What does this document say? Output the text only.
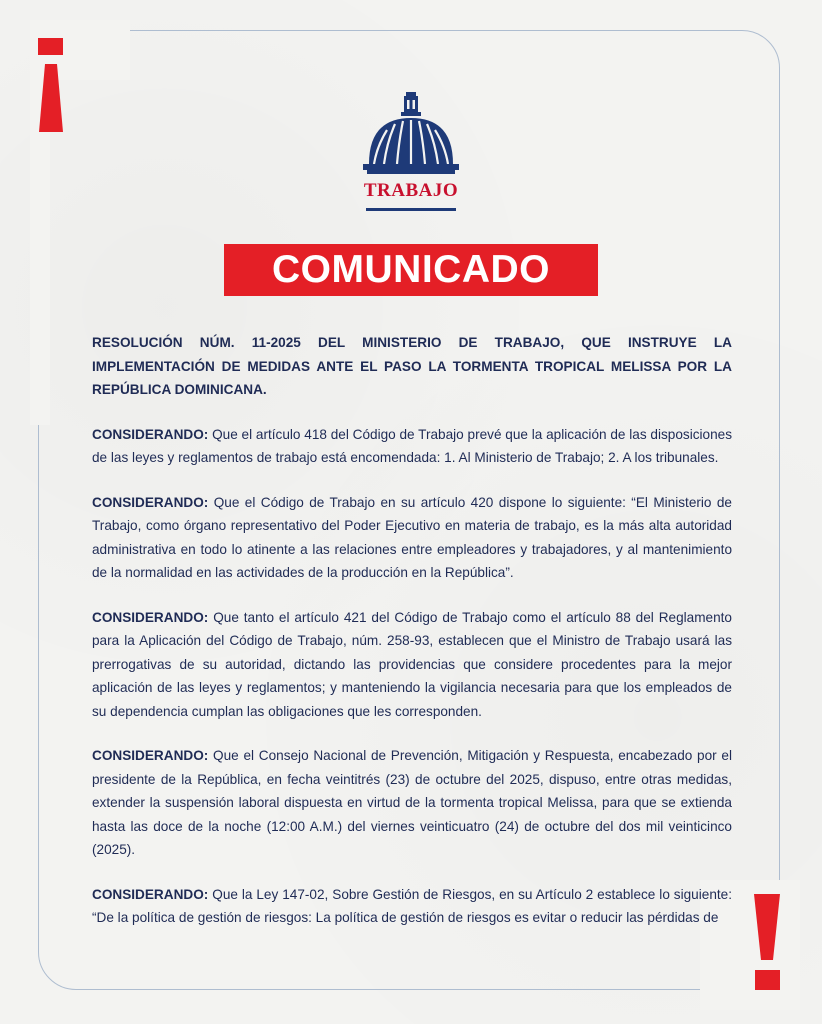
TRABAJO
COMUNICADO
RESOLUCIÓN NÚM. 11-2025 DEL MINISTERIO DE TRABAJO, QUE INSTRUYE LA IMPLEMENTACIÓN DE MEDIDAS ANTE EL PASO LA TORMENTA TROPICAL MELISSA POR LA REPÚBLICA DOMINICANA.

CONSIDERANDO: Que el artículo 418 del Código de Trabajo prevé que la aplicación de las disposiciones de las leyes y reglamentos de trabajo está encomendada: 1. Al Ministerio de Trabajo; 2. A los tribunales.

CONSIDERANDO: Que el Código de Trabajo en su artículo 420 dispone lo siguiente: “El Ministerio de Trabajo, como órgano representativo del Poder Ejecutivo en materia de trabajo, es la más alta autoridad administrativa en todo lo atinente a las relaciones entre empleadores y trabajadores, y al mantenimiento de la normalidad en las actividades de la producción en la República”.

CONSIDERANDO: Que tanto el artículo 421 del Código de Trabajo como el artículo 88 del Reglamento para la Aplicación del Código de Trabajo, núm. 258-93, establecen que el Ministro de Trabajo usará las prerrogativas de su autoridad, dictando las providencias que considere procedentes para la mejor aplicación de las leyes y reglamentos; y manteniendo la vigilancia necesaria para que los empleados de su dependencia cumplan las obligaciones que les corresponden.

CONSIDERANDO: Que el Consejo Nacional de Prevención, Mitigación y Respuesta, encabezado por el presidente de la República, en fecha veintitrés (23) de octubre del 2025, dispuso, entre otras medidas, extender la suspensión laboral dispuesta en virtud de la tormenta tropical Melissa, para que se extienda hasta las doce de la noche (12:00 A.M.) del viernes veinticuatro (24) de octubre del dos mil veinticinco (2025).

CONSIDERANDO: Que la Ley 147-02, Sobre Gestión de Riesgos, en su Artículo 2 establece lo siguiente: “De la política de gestión de riesgos: La política de gestión de riesgos es evitar o reducir las pérdidas de
